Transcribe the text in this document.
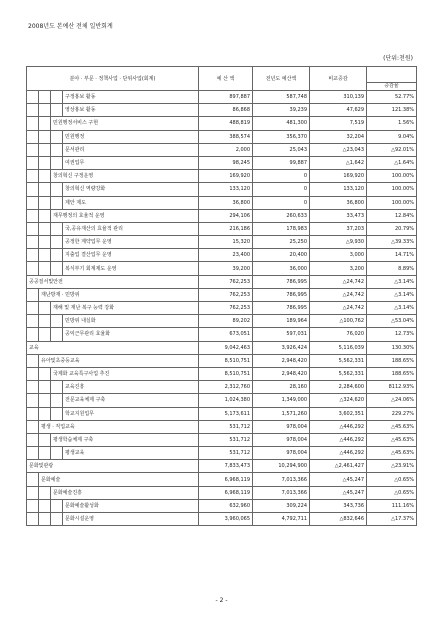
2008년도 본예산 전체 일반회계
(단위:천원)
분야 · 부문 · 정책사업 · 단위사업(회계)				예 산 액	전년도 예산액	비교증감	
							증감율
			구정홍보 활동	897,887	587,748	310,139	52.77%
			영상홍보 활동	86,868	39,239	47,629	121.38%
		민원행정서비스 구현		488,819	481,300	7,519	1.56%
			민원행정	388,574	356,370	32,204	9.04%
			문서관리	2,000	25,043	△23,043	△92.01%
			여권업무	98,245	99,887	△1,642	△1.64%
		창의혁신 구정운영		169,920	0	169,920	100.00%
			창의혁신 역량강화	133,120	0	133,120	100.00%
			제안 제도	36,800	0	36,800	100.00%
		재무행정의 효율적 운영		294,106	260,633	33,473	12.84%
			국,공유재산의 효율적 관리	216,186	178,983	37,203	20.79%
			공정한 계약업무 운영	15,320	25,250	△9,930	△39.33%
			지출업 결산업무 운영	23,400	20,400	3,000	14.71%
			복식부기 회계제도 운영	39,200	36,000	3,200	8.89%
공공질서및안전				762,253	786,995	△24,742	△3.14%
	재난방재 · 민방위			762,253	786,995	△24,742	△3.14%
		재해 및 재난 복구 능력 강화		762,253	786,995	△24,742	△3.14%
			민방위 내실화	89,202	189,964	△100,762	△53.04%
			공익근무관리 효율화	673,051	597,031	76,020	12.73%
교육				9,042,463	3,926,424	5,116,039	130.30%
	유아및초중등교육			8,510,751	2,948,420	5,562,331	188.65%
		국제화 교육특구사업 추진		8,510,751	2,948,420	5,562,331	188.65%
			교육진흥	2,312,760	28,160	2,284,600	8112.93%
			전문교육체제 구축	1,024,380	1,349,000	△324,620	△24.06%
			학교지원업무	5,173,611	1,571,260	3,602,351	229.27%
	평생 · 직업교육			531,712	978,004	△446,292	△45.63%
		평생학습체제 구축		531,712	978,004	△446,292	△45.63%
			평생교육	531,712	978,004	△446,292	△45.63%
문화및관광				7,833,473	10,294,900	△2,461,427	△23.91%
	문화예술			6,968,119	7,013,366	△45,247	△0.65%
		문화예술진흥		6,968,119	7,013,366	△45,247	△0.65%
			문화예술활성화	632,960	309,224	343,736	111.16%
			문화시설운영	3,960,065	4,792,711	△832,646	△17.37%
- 2 -
